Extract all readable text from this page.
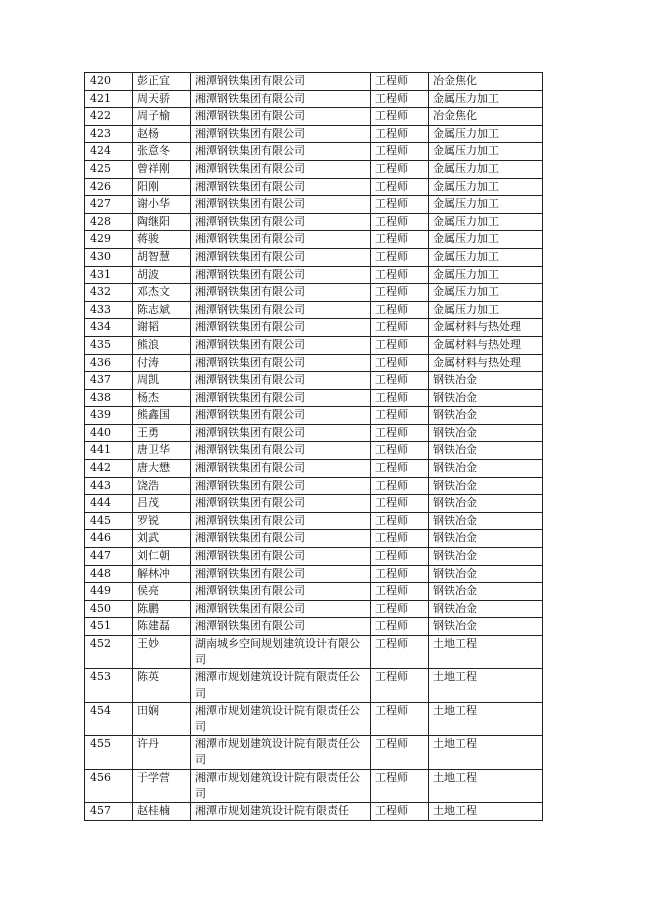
420	彭正宜	湘潭钢铁集团有限公司	工程师	冶金焦化
421	周天骄	湘潭钢铁集团有限公司	工程师	金属压力加工
422	周子榆	湘潭钢铁集团有限公司	工程师	冶金焦化
423	赵杨	湘潭钢铁集团有限公司	工程师	金属压力加工
424	张意冬	湘潭钢铁集团有限公司	工程师	金属压力加工
425	曾祥刚	湘潭钢铁集团有限公司	工程师	金属压力加工
426	阳刚	湘潭钢铁集团有限公司	工程师	金属压力加工
427	谢小华	湘潭钢铁集团有限公司	工程师	金属压力加工
428	陶继阳	湘潭钢铁集团有限公司	工程师	金属压力加工
429	蒋骏	湘潭钢铁集团有限公司	工程师	金属压力加工
430	胡智慧	湘潭钢铁集团有限公司	工程师	金属压力加工
431	胡波	湘潭钢铁集团有限公司	工程师	金属压力加工
432	邓杰文	湘潭钢铁集团有限公司	工程师	金属压力加工
433	陈志斌	湘潭钢铁集团有限公司	工程师	金属压力加工
434	谢韬	湘潭钢铁集团有限公司	工程师	金属材料与热处理
435	熊浪	湘潭钢铁集团有限公司	工程师	金属材料与热处理
436	付涛	湘潭钢铁集团有限公司	工程师	金属材料与热处理
437	周凯	湘潭钢铁集团有限公司	工程师	钢铁冶金
438	杨杰	湘潭钢铁集团有限公司	工程师	钢铁冶金
439	熊鑫国	湘潭钢铁集团有限公司	工程师	钢铁冶金
440	王勇	湘潭钢铁集团有限公司	工程师	钢铁冶金
441	唐卫华	湘潭钢铁集团有限公司	工程师	钢铁冶金
442	唐大懋	湘潭钢铁集团有限公司	工程师	钢铁冶金
443	饶浩	湘潭钢铁集团有限公司	工程师	钢铁冶金
444	吕茂	湘潭钢铁集团有限公司	工程师	钢铁冶金
445	罗锐	湘潭钢铁集团有限公司	工程师	钢铁冶金
446	刘武	湘潭钢铁集团有限公司	工程师	钢铁冶金
447	刘仁朝	湘潭钢铁集团有限公司	工程师	钢铁冶金
448	解林冲	湘潭钢铁集团有限公司	工程师	钢铁冶金
449	侯亮	湘潭钢铁集团有限公司	工程师	钢铁冶金
450	陈鹏	湘潭钢铁集团有限公司	工程师	钢铁冶金
451	陈建磊	湘潭钢铁集团有限公司	工程师	钢铁冶金
452	王妙	湖南城乡空间规划建筑设计有限公司	工程师	土地工程
453	陈英	湘潭市规划建筑设计院有限责任公司	工程师	土地工程
454	田娴	湘潭市规划建筑设计院有限责任公司	工程师	土地工程
455	许丹	湘潭市规划建筑设计院有限责任公司	工程师	土地工程
456	于学营	湘潭市规划建筑设计院有限责任公司	工程师	土地工程
457	赵桂楠	湘潭市规划建筑设计院有限责任	工程师	土地工程
